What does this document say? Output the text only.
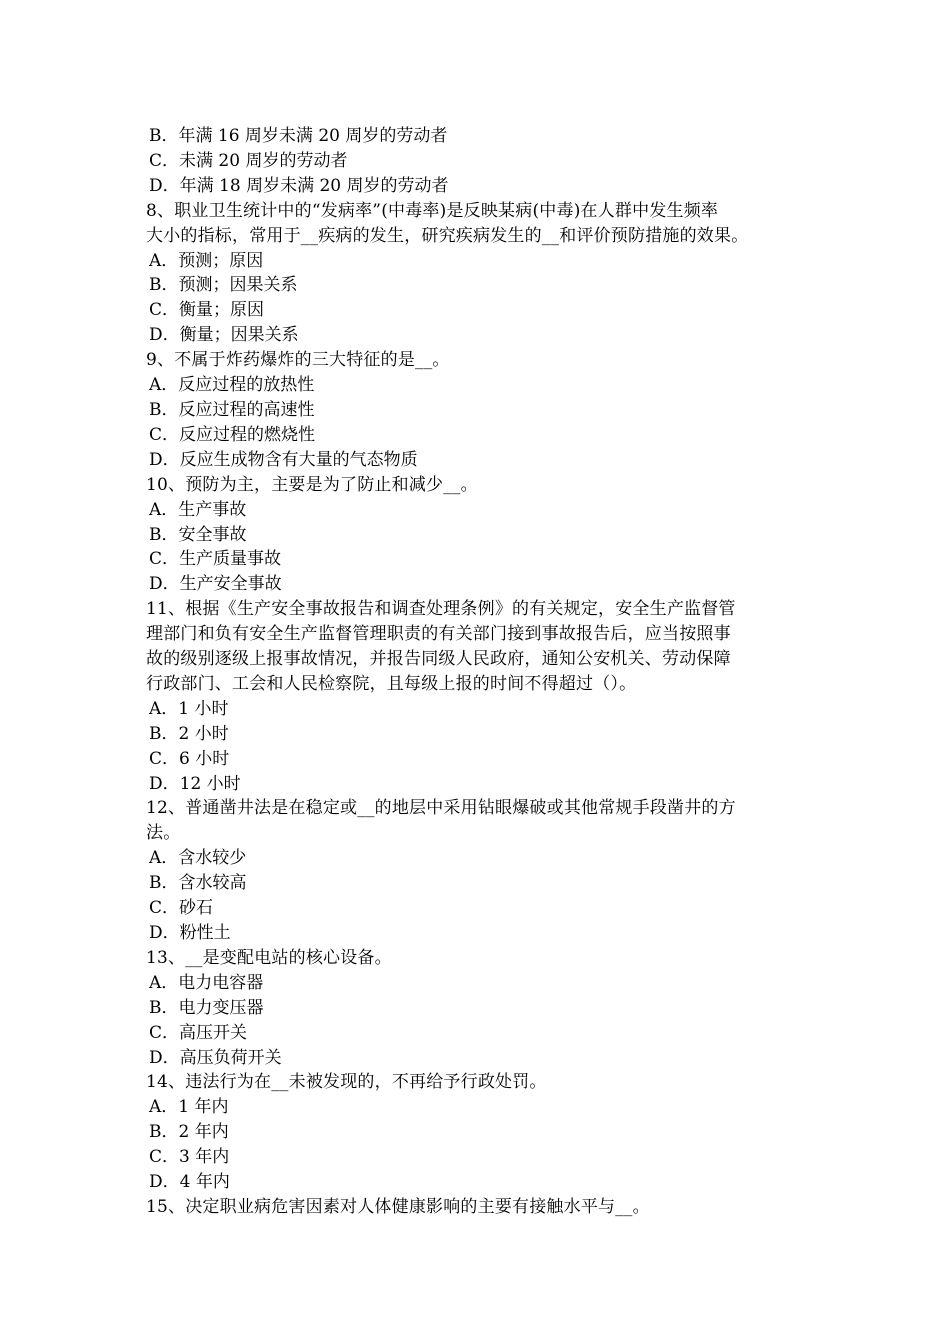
B．年满 16 周岁未满 20 周岁的劳动者
C．未满 20 周岁的劳动者
D．年满 18 周岁未满 20 周岁的劳动者
8、职业卫生统计中的“发病率”(中毒率)是反映某病(中毒)在人群中发生频率
大小的指标，常用于__疾病的发生，研究疾病发生的__和评价预防措施的效果。
A．预测；原因
B．预测；因果关系
C．衡量；原因
D．衡量；因果关系
9、不属于炸药爆炸的三大特征的是__。
A．反应过程的放热性
B．反应过程的高速性
C．反应过程的燃烧性
D．反应生成物含有大量的气态物质
10、预防为主，主要是为了防止和减少__。
A．生产事故
B．安全事故
C．生产质量事故
D．生产安全事故
11、根据《生产安全事故报告和调查处理条例》的有关规定，安全生产监督管
理部门和负有安全生产监督管理职责的有关部门接到事故报告后，应当按照事
故的级别逐级上报事故情况，并报告同级人民政府，通知公安机关、劳动保障
行政部门、工会和人民检察院，且每级上报的时间不得超过（）。
A．1 小时
B．2 小时
C．6 小时
D．12 小时
12、普通凿井法是在稳定或__的地层中采用钻眼爆破或其他常规手段凿井的方
法。
A．含水较少
B．含水较高
C．砂石
D．粉性土
13、__是变配电站的核心设备。
A．电力电容器
B．电力变压器
C．高压开关
D．高压负荷开关
14、违法行为在__未被发现的，不再给予行政处罚。
A．1 年内
B．2 年内
C．3 年内
D．4 年内
15、决定职业病危害因素对人体健康影响的主要有接触水平与__。
